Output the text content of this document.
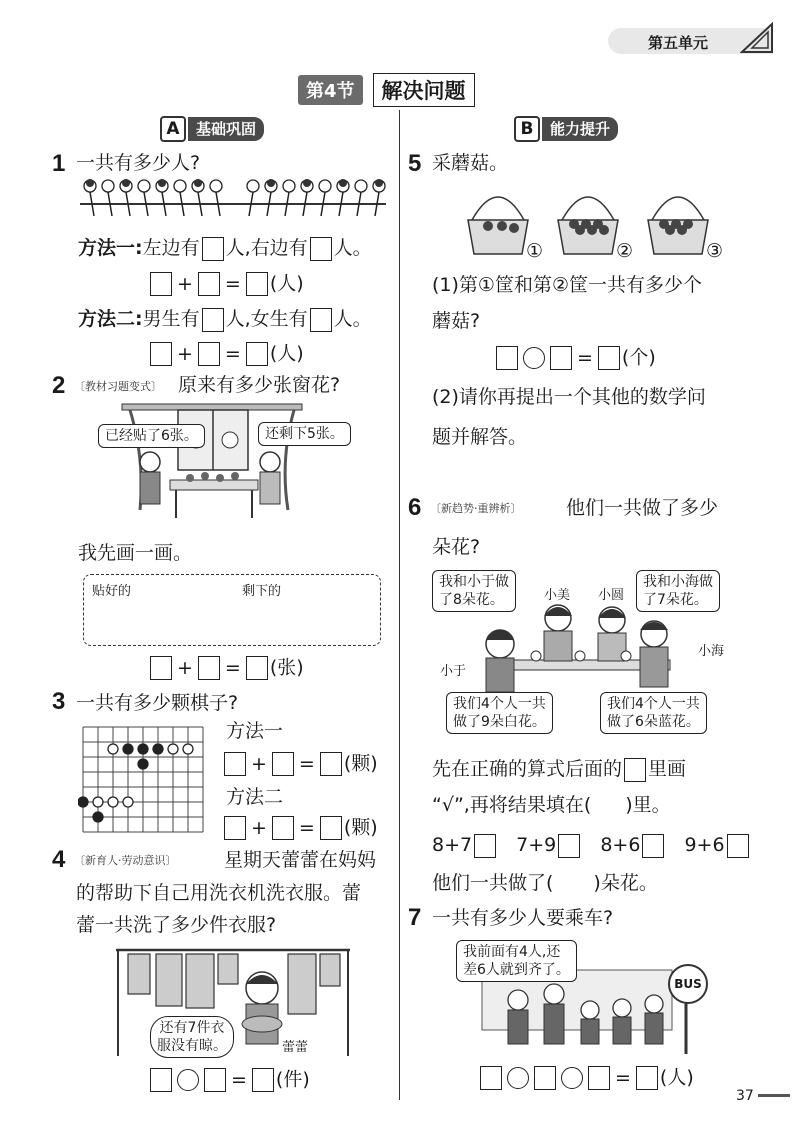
第五单元
第4节	解决问题
A	基础巩固	B	能力提升
1 一共有多少人?
方法一:左边有 人,右边有 人。
+ = (人)
方法二:男生有 人,女生有 人。
+ = (人)
2 〔教材习题变式〕 原来有多少张窗花?
已经贴了6张。	还剩下5张。
我先画一画。
贴好的	剩下的
+ = (张)
3 一共有多少颗棋子?
方法一
+ = (颗)
方法二
+ = (颗)
4 〔新育人·劳动意识〕	星期天蕾蕾在妈妈
的帮助下自己用洗衣机洗衣服。蕾
蕾一共洗了多少件衣服?
还有7件衣
服没有晾。	蕾蕾
= (件)
5 采蘑菇。
①	②	③
(1)第①筐和第②筐一共有多少个
蘑菇?
= (个)
(2)请你再提出一个其他的数学问
题并解答。
6 〔新趋势·重辨析〕 他们一共做了多少
朵花?
我和小于做
了8朵花。
我和小海做
了7朵花。
小美 小圆
小于
小海
我们4个人一共
做了9朵白花。
我们4个人一共
做了6朵蓝花。
先在正确的算式后面的 里画
“√”,再将结果填在( )里。
8+7 7+9 8+6 9+6
他们一共做了( )朵花。
7 一共有多少人要乘车?
BUS
我前面有4人,还
差6人就到齐了。
= (人)
37
